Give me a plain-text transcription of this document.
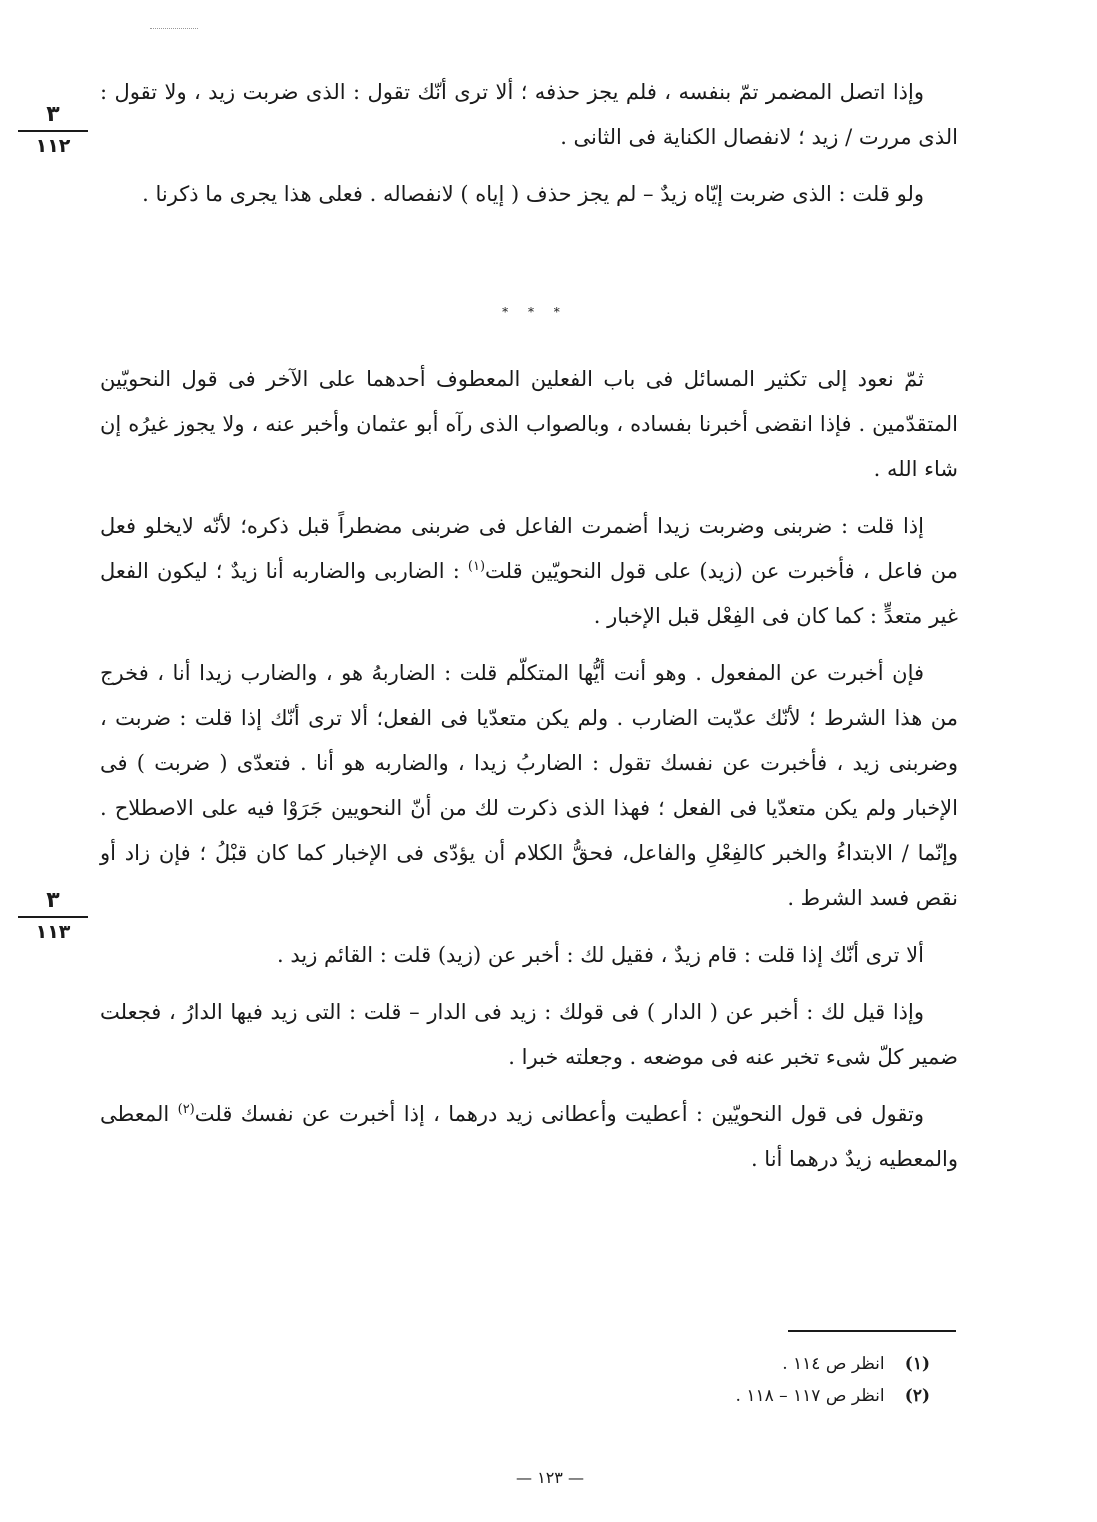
٣
١١٢
٣
١١٣

وإذا اتصل المضمر تمّ بنفسه ، فلم يجز حذفه ؛ ألا ترى أنّك تقول : الذى ضربت زيد ، ولا تقول : الذى مررت / زيد ؛ لانفصال الكناية فى الثانى .

ولو قلت : الذى ضربت إيّاه زيدٌ – لم يجز حذف ( إياه ) لانفصاله . فعلى هذا يجرى ما ذكرنا .

* * *

ثمّ نعود إلى تكثير المسائل فى باب الفعلين المعطوف أحدهما على الآخر فى قول النحويّين المتقدّمين . فإذا انقضى أخبرنا بفساده ، وبالصواب الذى رآه أبو عثمان وأخبر عنه ، ولا يجوز غيرُه إن شاء الله .

إذا قلت : ضربنى وضربت زيدا أضمرت الفاعل فى ضربنى مضطراً قبل ذكره؛ لأنّه لايخلو فعل من فاعل ، فأخبرت عن (زيد) على قول النحويّين قلت$^{(١)}$ : الضاربى والضاربه أنا زيدٌ ؛ ليكون الفعل غير متعدٍّ : كما كان فى الفِعْل قبل الإخبار .

فإن أخبرت عن المفعول . وهو أنت أيُّها المتكلّم قلت : الضاربهُ هو ، والضارب زيدا أنا ، فخرج من هذا الشرط ؛ لأنّك عدّيت الضارب . ولم يكن متعدّيا فى الفعل؛ ألا ترى أنّك إذا قلت : ضربت ، وضربنى زيد ، فأخبرت عن نفسك تقول : الضاربُ زيدا ، والضاربه هو أنا . فتعدّى ( ضربت ) فى الإخبار ولم يكن متعدّيا فى الفعل ؛ فهذا الذى ذكرت لك من أنّ النحويين جَرَوْا فيه على الاصطلاح . وإنّما / الابتداءُ والخبر كالفِعْلِ والفاعل، فحقُّ الكلام أن يؤدّى فى الإخبار كما كان قبْلُ ؛ فإن زاد أو نقص فسد الشرط .

ألا ترى أنّك إذا قلت : قام زيدٌ ، فقيل لك : أخبر عن (زيد) قلت : القائم زيد .

وإذا قيل لك : أخبر عن ( الدار ) فى قولك : زيد فى الدار – قلت : التى زيد فيها الدارُ ، فجعلت ضمير كلّ شىء تخبر عنه فى موضعه . وجعلته خبرا .

وتقول فى قول النحويّين : أعطيت وأعطانى زيد درهما ، إذا أخبرت عن نفسك قلت$^{(٢)}$ المعطى والمعطيه زيدٌ درهما أنا .

(١) انظر ص ١١٤ .
(٢) انظر ص ١١٧ – ١١٨ .
— ١٢٣ —
